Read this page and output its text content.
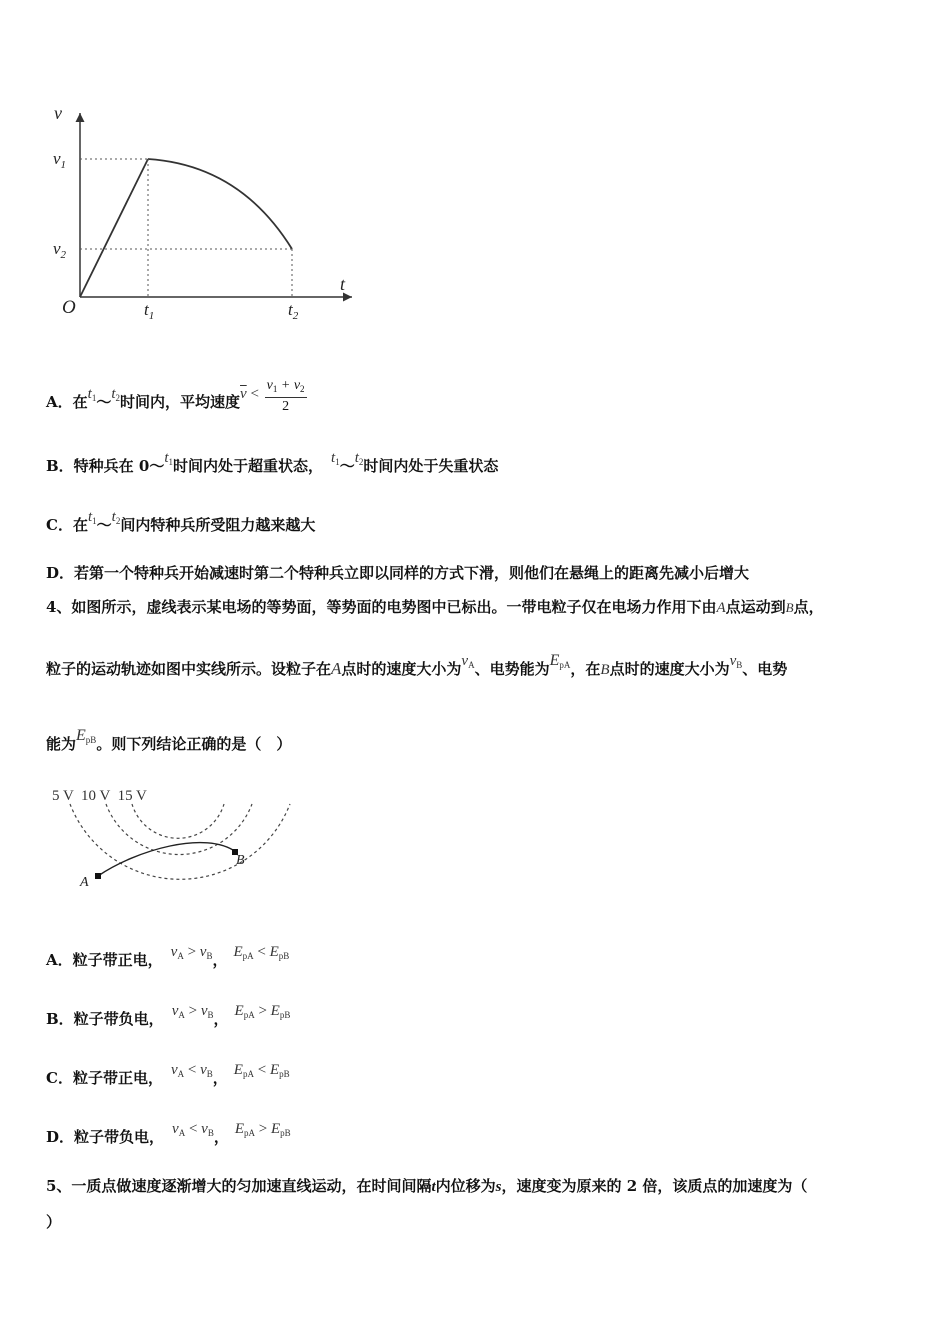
v
$v_1$
$v_2$
O	$t_1$	$t_2$
t
A．在$t_1\sim t_2$时间内，平均速度$\overline{v} < \frac{v_1 + v_2}{2}$
B．特种兵在 $0\sim t_1$时间内处于超重状态， $t_1\sim t_2$时间内处于失重状态
C．在$t_1\sim t_2$间内特种兵所受阻力越来越大
D．若第一个特种兵开始减速时第二个特种兵立即以同样的方式下滑，则他们在悬绳上的距离先减小后增大
4、如图所示，虚线表示某电场的等势面，等势面的电势图中已标出。一带电粒子仅在电场力作用下由A点运动到B点，
粒子的运动轨迹如图中实线所示。设粒子在A点时的速度大小为$v_A$、电势能为$E_{pA}$，在B点时的速度大小为$v_B$、电势
能为$E_{pB}$。则下列结论正确的是（　）
5 V  10 V  15 V
A
B
A．粒子带正电， $v_A > v_B$， $E_{pA} < E_{pB}$
B．粒子带负电， $v_A > v_B$， $E_{pA} > E_{pB}$
C．粒子带正电， $v_A < v_B$， $E_{pA} < E_{pB}$
D．粒子带负电， $v_A < v_B$， $E_{pA} > E_{pB}$
5、一质点做速度逐渐增大的匀加速直线运动，在时间间隔t内位移为s，速度变为原来的 2 倍，该质点的加速度为（
）
